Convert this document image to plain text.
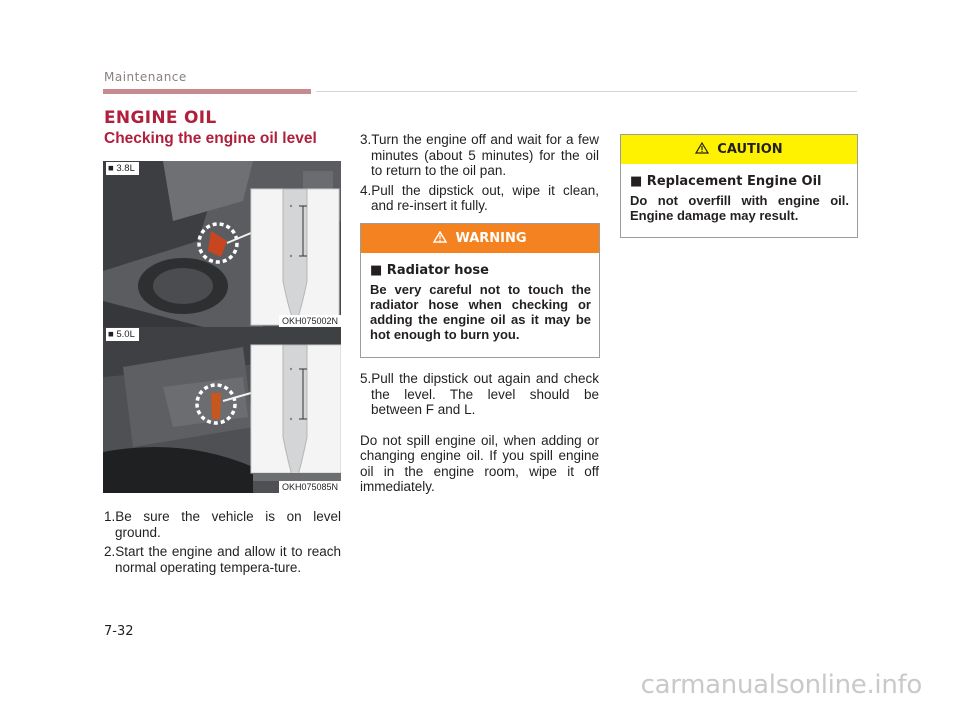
Maintenance
ENGINE OIL
Checking the engine oil level
■ 3.8L
OKH075002N
■ 5.0L
OKH075085N

1.Be sure the vehicle is on level ground.

2.Start the engine and allow it to reach normal operating tempera-ture.

3.Turn the engine off and wait for a few minutes (about 5 minutes) for the oil to return to the oil pan.

4.Pull the dipstick out, wipe it clean, and re-insert it fully.

WARNING
■ Radiator hose
Be very careful not to touch the radiator hose when checking or adding the engine oil as it may be hot enough to burn you.

5.Pull the dipstick out again and check the level. The level should be between F and L.

Do not spill engine oil, when adding or changing engine oil. If you spill engine oil in the engine room, wipe it off immediately.

CAUTION
■ Replacement Engine Oil
Do not overfill with engine oil. Engine damage may result.
7-32
carmanualsonline.info
